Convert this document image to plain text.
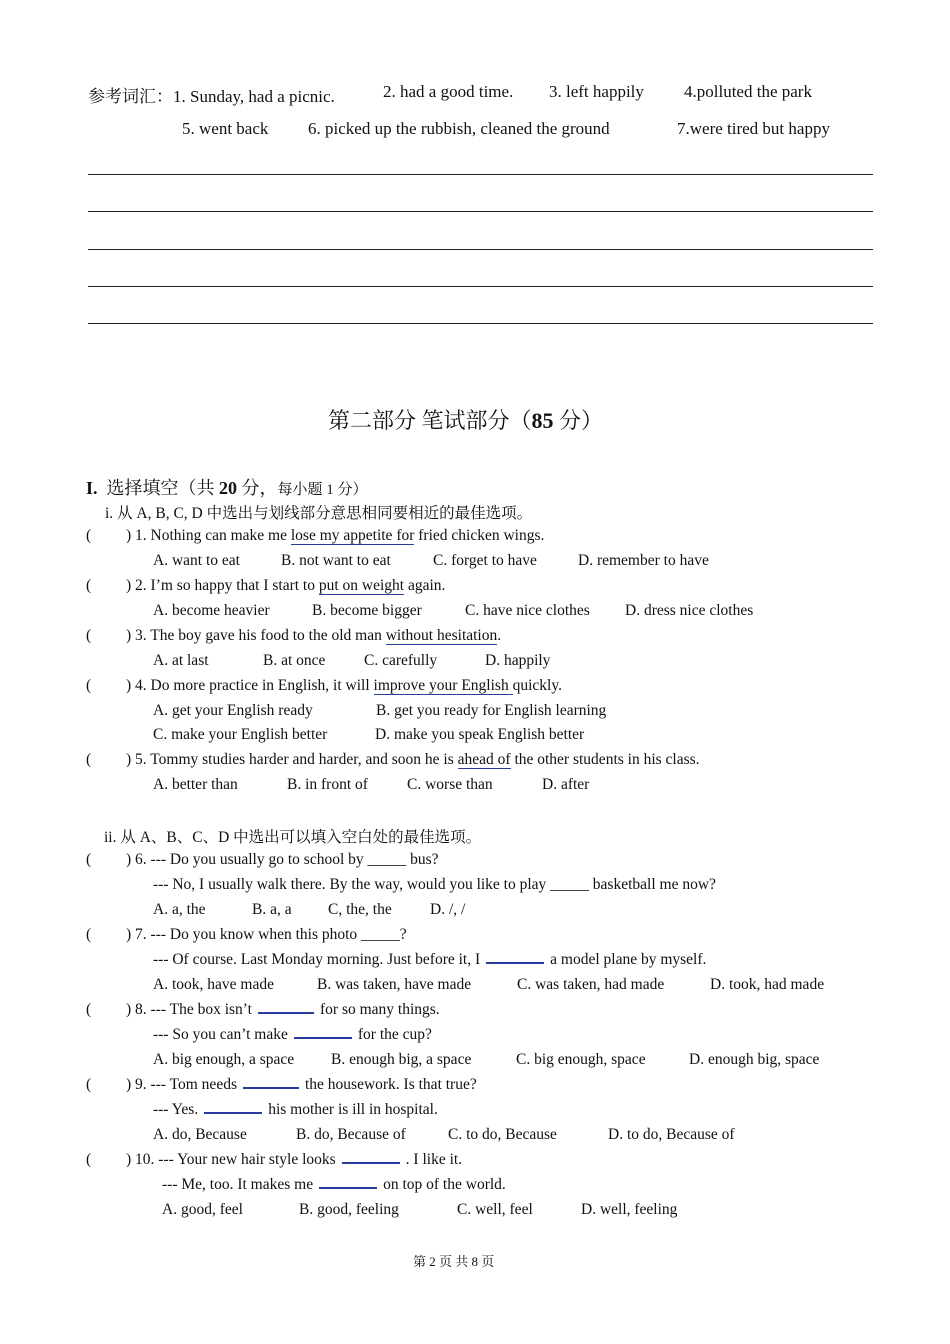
参考词汇：1. Sunday, had a picnic.	2. had a good time. 3. left happily 4.polluted the park
5. went back 6. picked up the rubbish, cleaned the ground	7.were tired but happy
第二部分 笔试部分（85 分）
I. 选择填空（共 20 分，每小题 1 分）
i. 从 A, B, C, D 中选出与划线部分意思相同要相近的最佳选项。
( ) 1. Nothing can make me lose my appetite for fried chicken wings.
A. want to eat	B. not want to eat	C. forget to have	D. remember to have
( ) 2. I’m so happy that I start to put on weight again.
A. become heavier	B. become bigger	C. have nice clothes D. dress nice clothes
( ) 3. The boy gave his food to the old man without hesitation.
A. at last	B. at once C. carefully	D. happily
( ) 4. Do more practice in English, it will improve your English quickly.
A. get your English ready	B. get you ready for English learning
C. make your English better	D. make you speak English better
( ) 5. Tommy studies harder and harder, and soon he is ahead of the other students in his class.
A. better than	B. in front of	C. worse than	D. after
ii. 从 A、B、C、D 中选出可以填入空白处的最佳选项。
( ) 6. --- Do you usually go to school by _____ bus?
--- No, I usually walk there. By the way, would you like to play _____ basketball me now?
A. a, the	B. a, a C, the, the D. /, /
( ) 7. --- Do you know when this photo _____?
--- Of course. Last Monday morning. Just before it, I	a model plane by myself.
A. took, have made	B. was taken, have made	C. was taken, had made	D. took, had made
( ) 8. --- The box isn’t	for so many things.
--- So you can’t make	for the cup?
A. big enough, a space B. enough big, a space	C. big enough, space	D. enough big, space
( ) 9. --- Tom needs	the housework. Is that true?
--- Yes.	his mother is ill in hospital.
A. do, Because	B. do, Because of	C. to do, Because	D. to do, Because of
( ) 10. --- Your new hair style looks	. I like it.
--- Me, too. It makes me	on top of the world.
A. good, feel	B. good, feeling	C. well, feel	D. well, feeling
第 2 页 共 8 页
